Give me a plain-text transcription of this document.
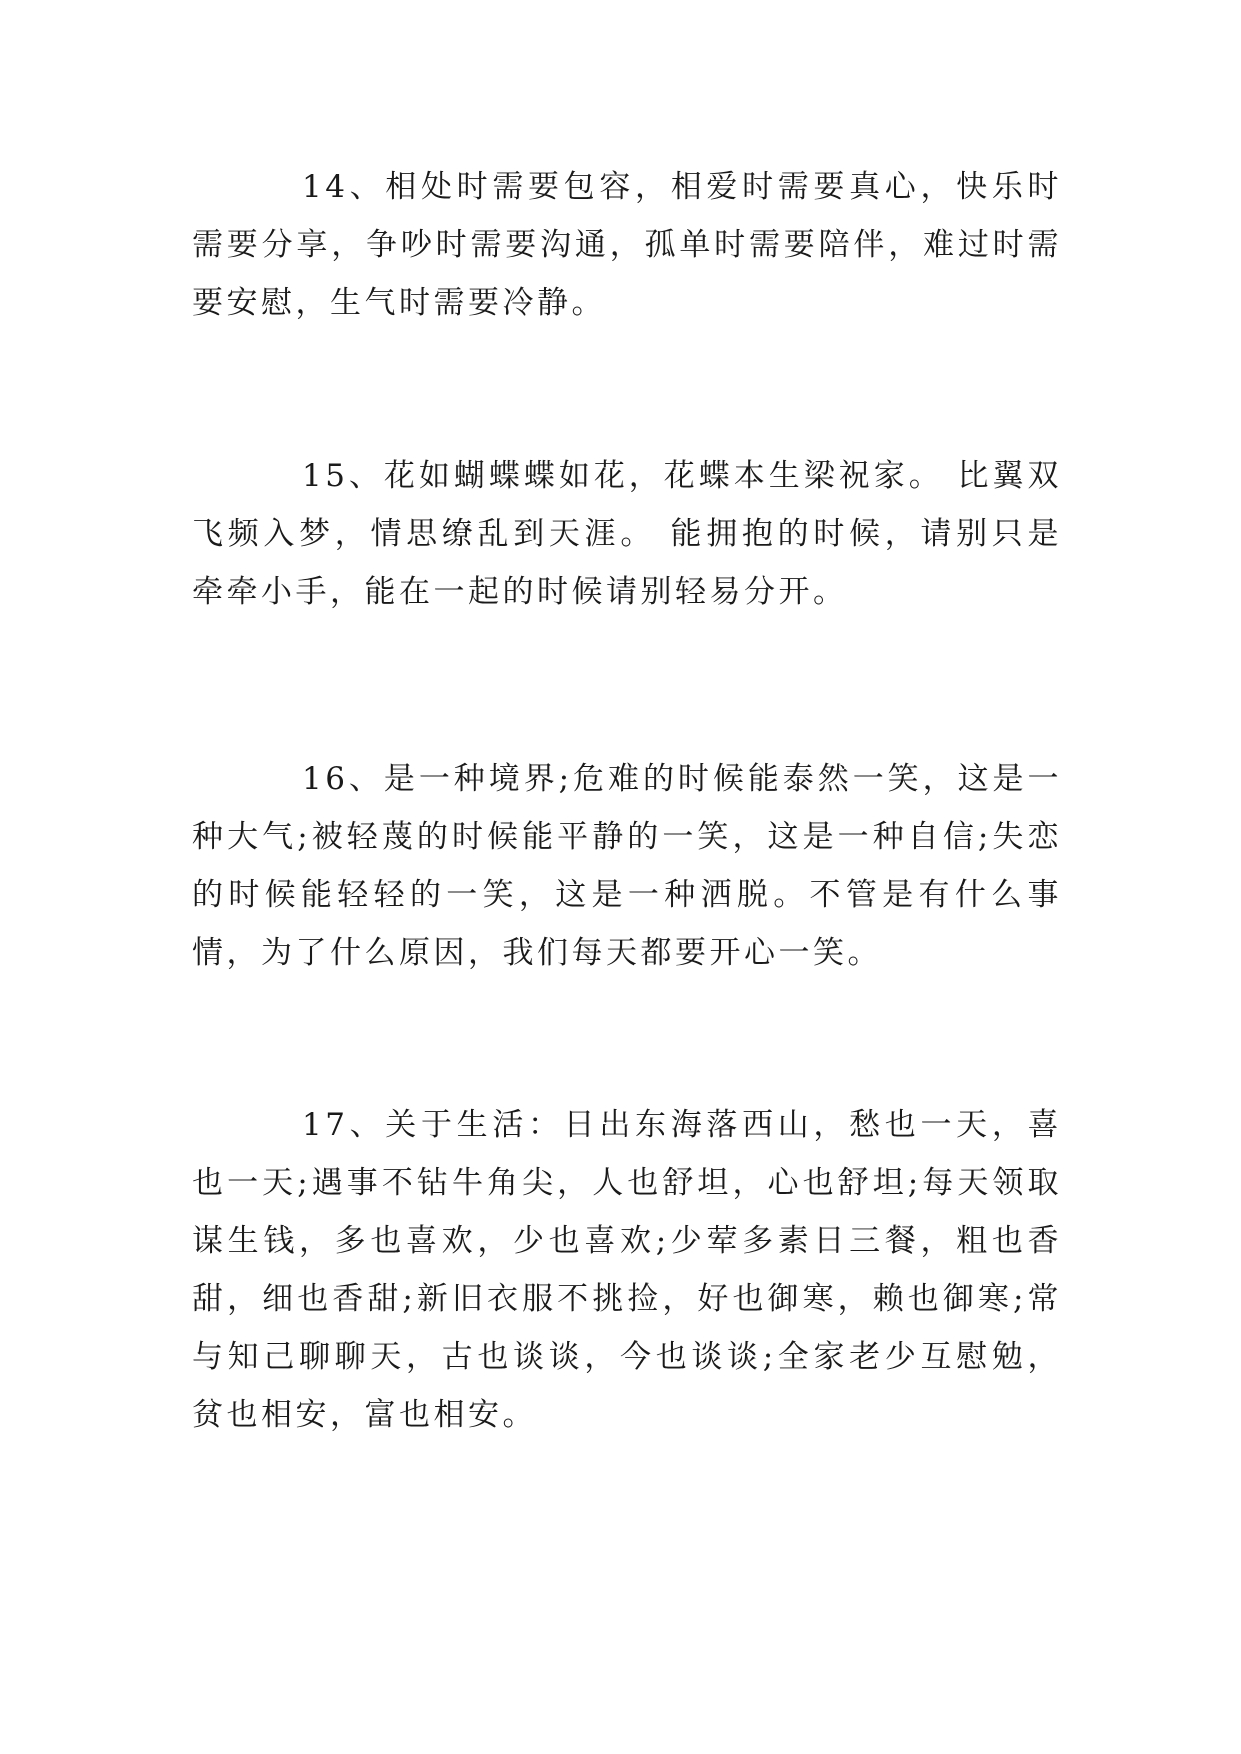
14、相处时需要包容，相爱时需要真心，快乐时需要分享，争吵时需要沟通，孤单时需要陪伴，难过时需要安慰，生气时需要冷静。

15、花如蝴蝶蝶如花，花蝶本生梁祝家。 比翼双飞频入梦，情思缭乱到天涯。 能拥抱的时候，请别只是牵牵小手，能在一起的时候请别轻易分开。

16、是一种境界;危难的时候能泰然一笑，这是一种大气;被轻蔑的时候能平静的一笑，这是一种自信;失恋的时候能轻轻的一笑，这是一种洒脱。不管是有什么事情，为了什么原因，我们每天都要开心一笑。

17、关于生活：日出东海落西山，愁也一天，喜也一天;遇事不钻牛角尖，人也舒坦，心也舒坦;每天领取谋生钱，多也喜欢，少也喜欢;少荤多素日三餐，粗也香甜，细也香甜;新旧衣服不挑捡，好也御寒，赖也御寒;常与知己聊聊天，古也谈谈，今也谈谈;全家老少互慰勉，贫也相安，富也相安。
